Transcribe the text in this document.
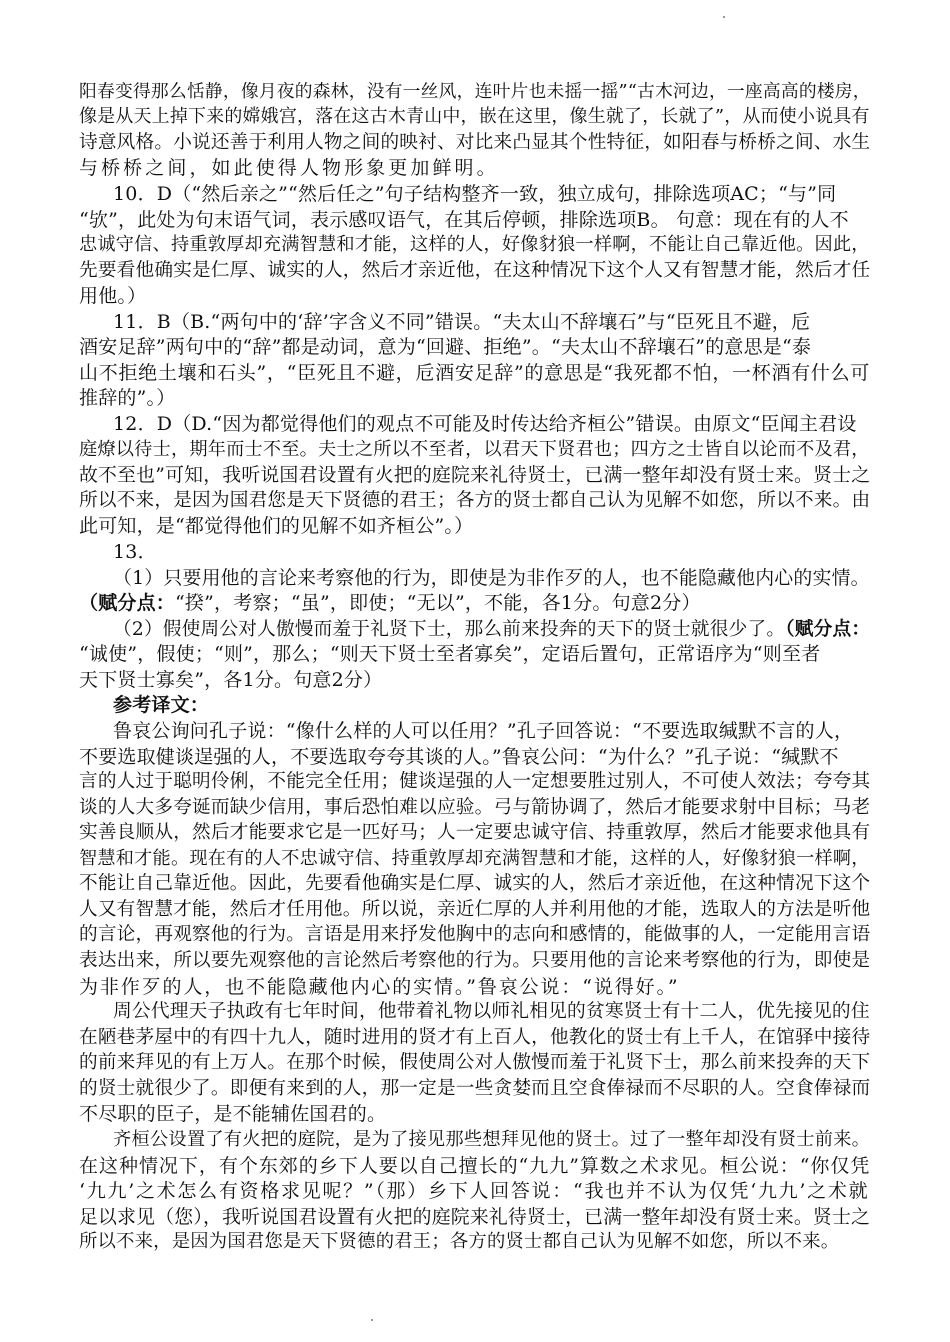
阳春变得那么恬静，像月夜的森林，没有一丝风，连叶片也未摇一摇”“古木河边，一座高高的楼房，
像是从天上掉下来的嫦娥宫，落在这古木青山中，嵌在这里，像生就了，长就了”，从而使小说具有
诗意风格。小说还善于利用人物之间的映衬、对比来凸显其个性特征，如阳春与桥桥之间、水生
与桥桥之间，如此使得人物形象更加鲜明。
10．D（“然后亲之”“然后任之”句子结构整齐一致，独立成句，排除选项AC；“与”同
“欤”，此处为句末语气词，表示感叹语气，在其后停顿，排除选项B。 句意：现在有的人不
忠诚守信、持重敦厚却充满智慧和才能，这样的人，好像豺狼一样啊，不能让自己靠近他。因此，
先要看他确实是仁厚、诚实的人，然后才亲近他，在这种情况下这个人又有智慧才能，然后才任
用他。）
11．B（B.“两句中的‘辞’字含义不同”错误。“夫太山不辞壤石”与“臣死且不避，卮
酒安足辞”两句中的“辞”都是动词，意为“回避、拒绝”。“夫太山不辞壤石”的意思是“泰
山不拒绝土壤和石头”，“臣死且不避，卮酒安足辞”的意思是“我死都不怕，一杯酒有什么可
推辞的”。）
12．D（D.“因为都觉得他们的观点不可能及时传达给齐桓公”错误。由原文“臣闻主君设
庭燎以待士，期年而士不至。夫士之所以不至者，以君天下贤君也；四方之士皆自以论而不及君，
故不至也”可知，我听说国君设置有火把的庭院来礼待贤士，已满一整年却没有贤士来。贤士之
所以不来，是因为国君您是天下贤德的君王；各方的贤士都自己认为见解不如您，所以不来。由
此可知，是“都觉得他们的见解不如齐桓公”。）
13．
（1）只要用他的言论来考察他的行为，即使是为非作歹的人，也不能隐藏他内心的实情。
（赋分点：“揆”，考察；“虽”，即使；“无以”，不能，各1分。句意2分）
（2）假使周公对人傲慢而羞于礼贤下士，那么前来投奔的天下的贤士就很少了。（赋分点：
“诚使”，假使；“则”，那么；“则天下贤士至者寡矣”，定语后置句，正常语序为“则至者
天下贤士寡矣”，各1分。句意2分）
参考译文：
鲁哀公询问孔子说：“像什么样的人可以任用？”孔子回答说：“不要选取缄默不言的人，
不要选取健谈逞强的人，不要选取夸夸其谈的人。”鲁哀公问：“为什么？”孔子说：“缄默不
言的人过于聪明伶俐，不能完全任用；健谈逞强的人一定想要胜过别人，不可使人效法；夸夸其
谈的人大多夸诞而缺少信用，事后恐怕难以应验。弓与箭协调了，然后才能要求射中目标；马老
实善良顺从，然后才能要求它是一匹好马；人一定要忠诚守信、持重敦厚，然后才能要求他具有
智慧和才能。现在有的人不忠诚守信、持重敦厚却充满智慧和才能，这样的人，好像豺狼一样啊，
不能让自己靠近他。因此，先要看他确实是仁厚、诚实的人，然后才亲近他，在这种情况下这个
人又有智慧才能，然后才任用他。所以说，亲近仁厚的人并利用他的才能，选取人的方法是听他
的言论，再观察他的行为。言语是用来抒发他胸中的志向和感情的，能做事的人，一定能用言语
表达出来，所以要先观察他的言论然后考察他的行为。只要用他的言论来考察他的行为，即使是
为非作歹的人，也不能隐藏他内心的实情。”鲁哀公说：“说得好。”
周公代理天子执政有七年时间，他带着礼物以师礼相见的贫寒贤士有十二人，优先接见的住
在陋巷茅屋中的有四十九人，随时进用的贤才有上百人，他教化的贤士有上千人，在馆驿中接待
的前来拜见的有上万人。在那个时候，假使周公对人傲慢而羞于礼贤下士，那么前来投奔的天下
的贤士就很少了。即便有来到的人，那一定是一些贪婪而且空食俸禄而不尽职的人。空食俸禄而
不尽职的臣子，是不能辅佐国君的。
齐桓公设置了有火把的庭院，是为了接见那些想拜见他的贤士。过了一整年却没有贤士前来。
在这种情况下，有个东郊的乡下人要以自己擅长的“九九”算数之术求见。桓公说：“你仅凭
‘九九’之术怎么有资格求见呢？”（那）乡下人回答说：“我也并不认为仅凭‘九九’之术就
足以求见（您），我听说国君设置有火把的庭院来礼待贤士，已满一整年却没有贤士来。贤士之
所以不来，是因为国君您是天下贤德的君王；各方的贤士都自己认为见解不如您，所以不来。
